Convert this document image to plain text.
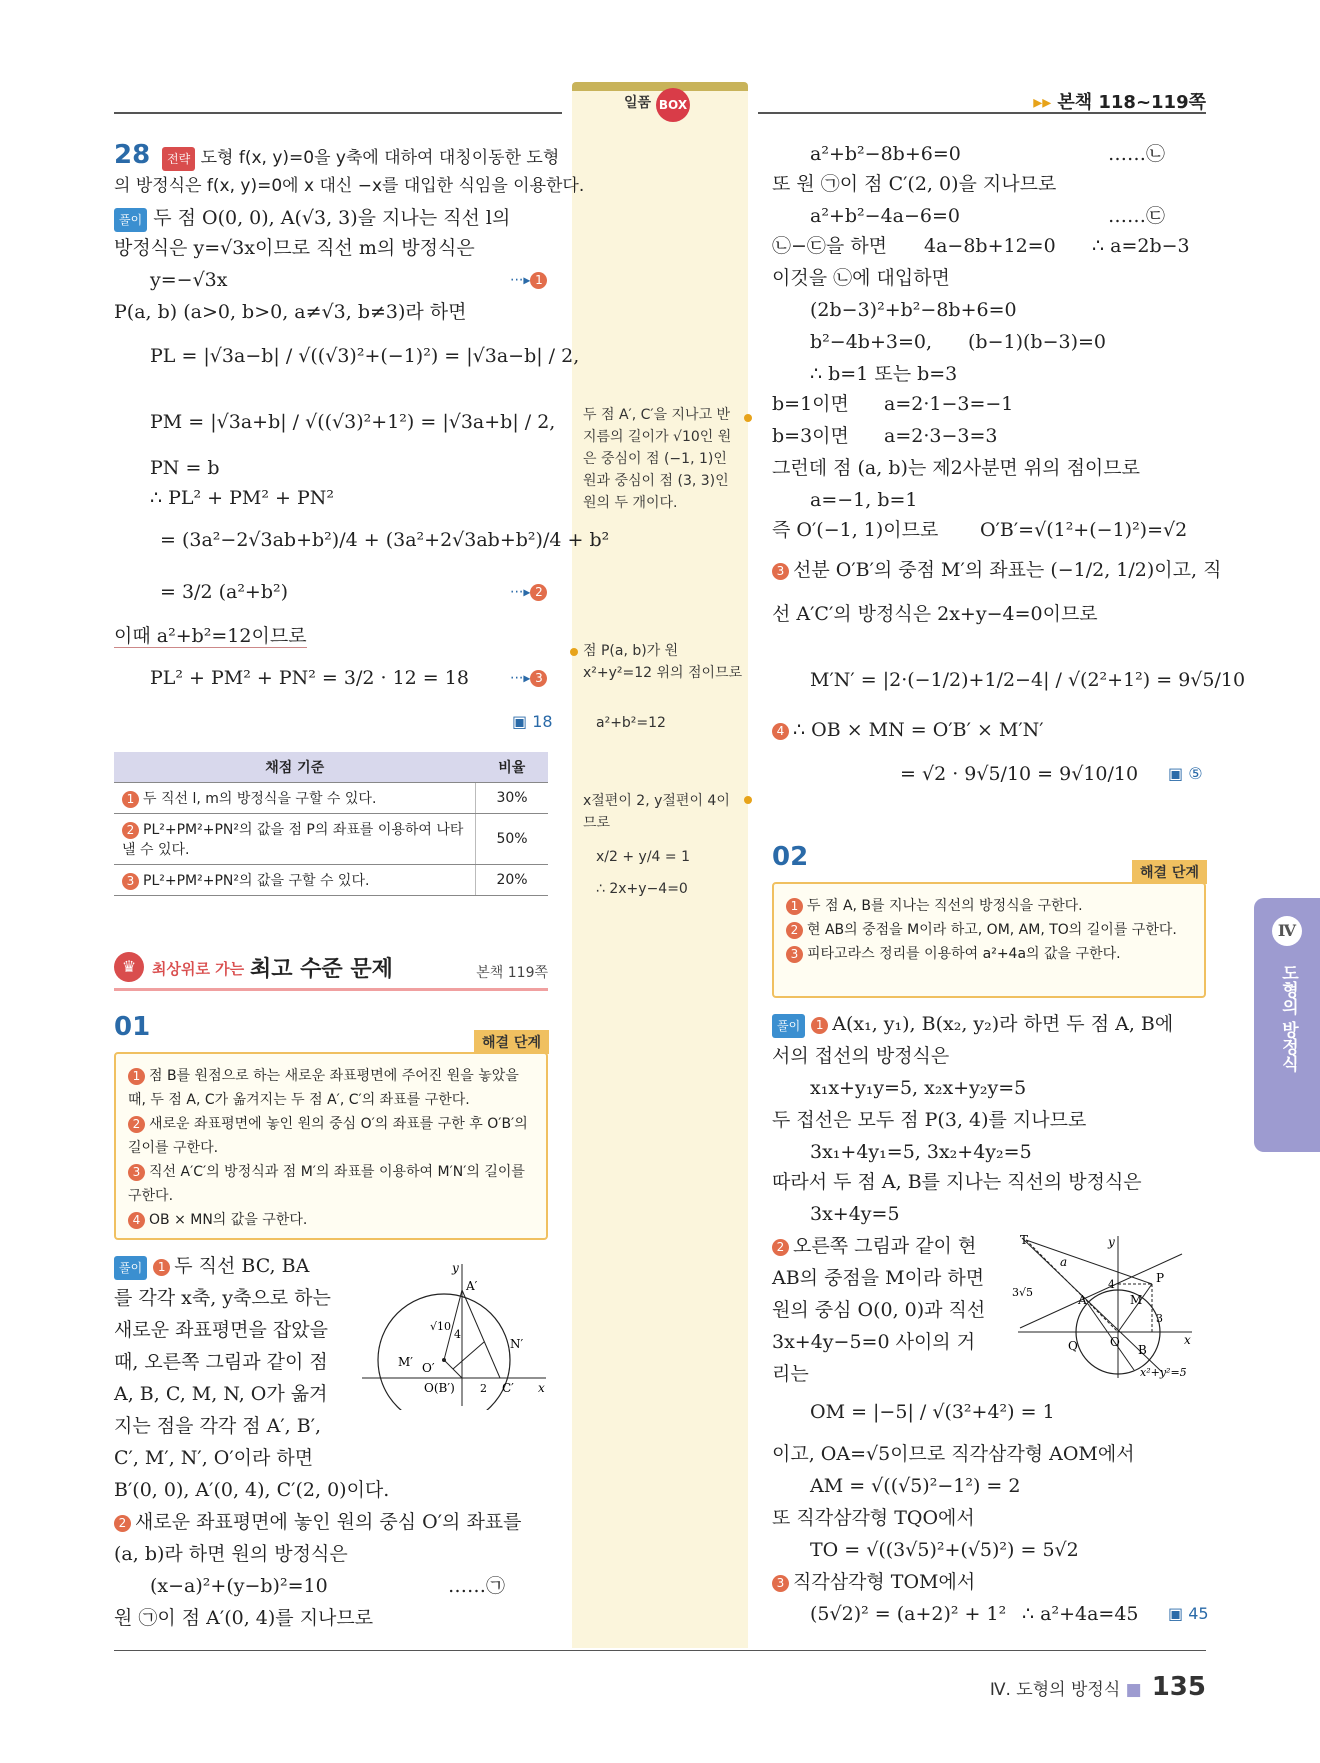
일품 BOX	▸▸ 본책 118~119쪽
28	전략 도형 f(x, y)=0을 y축에 대하여 대칭이동한 도형
의 방정식은 f(x, y)=0에 x 대신 −x를 대입한 식임을 이용한다.
풀이 두 점 O(0, 0), A(√3, 3)을 지나는 직선 l의
방정식은 y=√3x이므로 직선 m의 방정식은
y=−√3x	···▸ 1
P(a, b) (a>0, b>0, a≠√3, b≠3)라 하면
PL = |√3a−b| / √((√3)²+(−1)²) = |√3a−b| / 2,
PM = |√3a+b| / √((√3)²+1²) = |√3a+b| / 2,
PN = b
∴ PL² + PM² + PN²
= (3a²−2√3ab+b²)/4 + (3a²+2√3ab+b²)/4 + b²
= 3/2 (a²+b²)	···▸ 2
이때 a²+b²=12이므로
PL² + PM² + PN² = 3/2 · 12 = 18	···▸ 3
▣ 18
채점 기준	비율
1 두 직선 l, m의 방정식을 구할 수 있다.	30%
2 PL²+PM²+PN²의 값을 점 P의 좌표를 이용하여 나타낼 수 있다.	50%
3 PL²+PM²+PN²의 값을 구할 수 있다.	20%
♛	최상위로 가는 최고 수준 문제	본책 119쪽
01
해결 단계
1 점 B를 원점으로 하는 새로운 좌표평면에 주어진 원을 놓았을 때, 두 점 A, C가 옮겨지는 두 점 A′, C′의 좌표를 구한다.
2 새로운 좌표평면에 놓인 원의 중심 O′의 좌표를 구한 후 O′B′의 길이를 구한다.
3 직선 A′C′의 방정식과 점 M′의 좌표를 이용하여 M′N′의 길이를 구한다.
4 OB × MN의 값을 구한다.
풀이 1 두 직선 BC, BA
를 각각 x축, y축으로 하는
새로운 좌표평면을 잡았을
때, 오른쪽 그림과 같이 점
A, B, C, M, N, O가 옮겨
지는 점을 각각 점 A′, B′,
C′, M′, N′, O′이라 하면
B′(0, 0), A′(0, 4), C′(2, 0)이다.
2 새로운 좌표평면에 놓인 원의 중심 O′의 좌표를
(a, b)라 하면 원의 방정식은
(x−a)²+(y−b)²=10	……㉠
원 ㉠이 점 A′(0, 4)를 지나므로
y
A′
√10
4
N′
M′ O′
O(B′) 2 C′ x
두 점 A′, C′을 지나고 반지름의 길이가 √10인 원은 중심이 점 (−1, 1)인 원과 중심이 점 (3, 3)인 원의 두 개이다.
점 P(a, b)가 원 x²+y²=12 위의 점이므로
a²+b²=12
x절편이 2, y절편이 4이므로
x/2 + y/4 = 1
∴ 2x+y−4=0
a²+b²−8b+6=0	……㉡
또 원 ㉠이 점 C′(2, 0)을 지나므로
a²+b²−4a−6=0	……㉢
㉡−㉢을 하면 4a−8b+12=0 ∴ a=2b−3
이것을 ㉡에 대입하면
(2b−3)²+b²−8b+6=0
b²−4b+3=0, (b−1)(b−3)=0
∴ b=1 또는 b=3
b=1이면 a=2·1−3=−1
b=3이면 a=2·3−3=3
그런데 점 (a, b)는 제2사분면 위의 점이므로
a=−1, b=1
즉 O′(−1, 1)이므로 O′B′=√(1²+(−1)²)=√2
3 선분 O′B′의 중점 M′의 좌표는 (−1/2, 1/2)이고, 직
선 A′C′의 방정식은 2x+y−4=0이므로
M′N′ = |2·(−1/2)+1/2−4| / √(2²+1²) = 9√5/10
4 ∴ OB × MN = O′B′ × M′N′
= √2 · 9√5/10 = 9√10/10 ▣ ⑤
02
해결 단계
1 두 점 A, B를 지나는 직선의 방정식을 구한다.
2 현 AB의 중점을 M이라 하고, OM, AM, TO의 길이를 구한다.
3 피타고라스 정리를 이용하여 a²+4a의 값을 구한다.
풀이 1 A(x₁, y₁), B(x₂, y₂)라 하면 두 점 A, B에
서의 접선의 방정식은
x₁x+y₁y=5, x₂x+y₂y=5
두 접선은 모두 점 P(3, 4)를 지나므로
3x₁+4y₁=5, 3x₂+4y₂=5
따라서 두 점 A, B를 지나는 직선의 방정식은
3x+4y=5
2 오른쪽 그림과 같이 현
AB의 중점을 M이라 하면
원의 중심 O(0, 0)과 직선
3x+4y−5=0 사이의 거
리는
OM = |−5| / √(3²+4²) = 1
이고, OA=√5이므로 직각삼각형 AOM에서
AM = √((√5)²−1²) = 2
또 직각삼각형 TQO에서
TO = √((3√5)²+(√5)²) = 5√2
3 직각삼각형 TOM에서
(5√2)² = (a+2)² + 1² ∴ a²+4a=45 ▣ 45
T
a
y
4
A	M
P
3√5
3
O
Q	B
x
x²+y²=5
Ⅳ
도형의 방정식
Ⅳ. 도형의 방정식 ■ 135
